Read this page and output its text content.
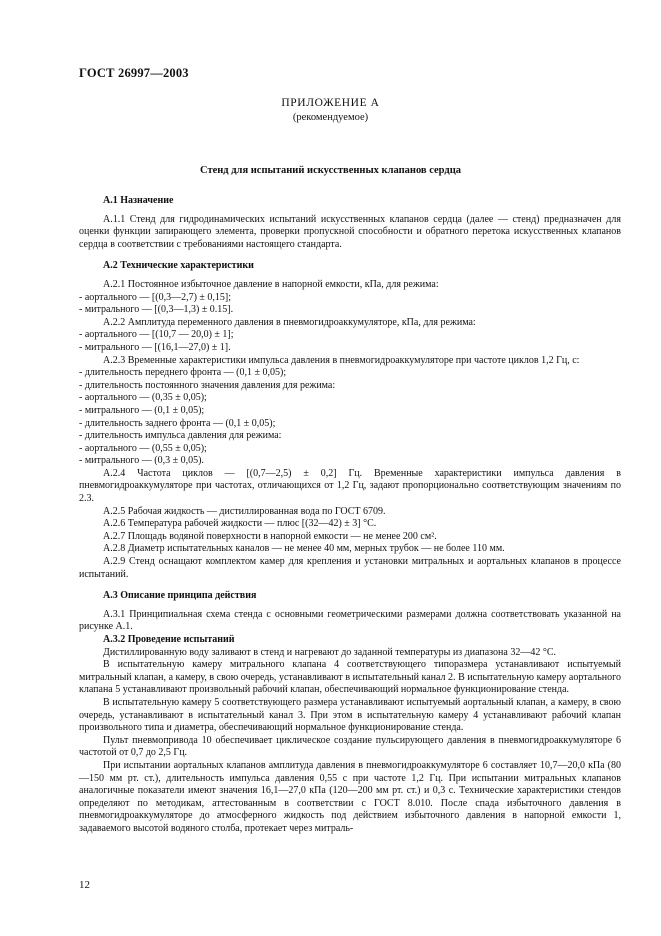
ГОСТ 26997—2003
ПРИЛОЖЕНИЕ А
(рекомендуемое)
Стенд для испытаний искусственных клапанов сердца

А.1 Назначение

А.1.1 Стенд для гидродинамических испытаний искусственных клапанов сердца (далее — стенд) предназначен для оценки функции запирающего элемента, проверки пропускной способности и обратного перетока искусственных клапанов сердца в соответствии с требованиями настоящего стандарта.

А.2 Технические характеристики

А.2.1 Постоянное избыточное давление в напорной емкости, кПа, для режима:

- аортального — [(0,3—2,7) ± 0,15];

- митрального — [(0,3—1,3) ± 0.15].

А.2.2 Амплитуда переменного давления в пневмогидроаккумуляторе, кПа, для режима:

- аортального — [(10,7 — 20,0) ± 1];

- митрального — [(16,1—27,0) ± 1].

А.2.3 Временные характеристики импульса давления в пневмогидроаккумуляторе при частоте циклов 1,2 Гц, с:

- длительность переднего фронта — (0,1 ± 0,05);

- длительность постоянного значения давления для режима:

- аортального — (0,35 ± 0,05);

- митрального — (0,1 ± 0,05);

- длительность заднего фронта — (0,1 ± 0,05);

- длительность импульса давления для режима:

- аортального — (0,55 ± 0,05);

- митрального — (0,3 ± 0,05).

А.2.4 Частота циклов — [(0,7—2,5) ± 0,2] Гц. Временные характеристики импульса давления в пневмогидроаккумуляторе при частотах, отличающихся от 1,2 Гц, задают пропорционально соответствующим значениям по 2.3.

А.2.5 Рабочая жидкость — дистиллированная вода по ГОСТ 6709.

А.2.6 Температура рабочей жидкости — плюс [(32—42) ± 3] °С.

А.2.7 Площадь водяной поверхности в напорной емкости — не менее 200 см².

А.2.8 Диаметр испытательных каналов — не менее 40 мм, мерных трубок — не более 110 мм.

А.2.9 Стенд оснащают комплектом камер для крепления и установки митральных и аортальных клапанов в процессе испытаний.

А.3 Описание принципа действия

А.3.1 Принципиальная схема стенда с основными геометрическими размерами должна соответствовать указанной на рисунке А.1.

А.3.2 Проведение испытаний

Дистиллированную воду заливают в стенд и нагревают до заданной температуры из диапазона 32—42 °С.

В испытательную камеру митрального клапана 4 соответствующего типоразмера устанавливают испытуемый митральный клапан, а камеру, в свою очередь, устанавливают в испытательный канал 2. В испытательную камеру аортального клапана 5 устанавливают произвольный рабочий клапан, обеспечивающий нормальное функционирование стенда.

В испытательную камеру 5 соответствующего размера устанавливают испытуемый аортальный клапан, а камеру, в свою очередь, устанавливают в испытательный канал 3. При этом в испытательную камеру 4 устанавливают рабочий клапан произвольного типа и диаметра, обеспечивающий нормальное функционирование стенда.

Пульт пневмопривода 10 обеспечивает циклическое создание пульсирующего давления в пневмогидроаккумуляторе 6 частотой от 0,7 до 2,5 Гц.

При испытании аортальных клапанов амплитуда давления в пневмогидроаккумуляторе 6 составляет 10,7—20,0 кПа (80—150 мм рт. ст.), длительность импульса давления 0,55 с при частоте 1,2 Гц. При испытании митральных клапанов аналогичные показатели имеют значения 16,1—27,0 кПа (120—200 мм рт. ст.) и 0,3 с. Технические характеристики стендов определяют по методикам, аттестованным в соответствии с ГОСТ 8.010. После спада избыточного давления в пневмогидроаккумуляторе до атмосферного жидкость под действием избыточного давления в напорной емкости 1, задаваемого высотой водяного столба, протекает через митраль-

12
